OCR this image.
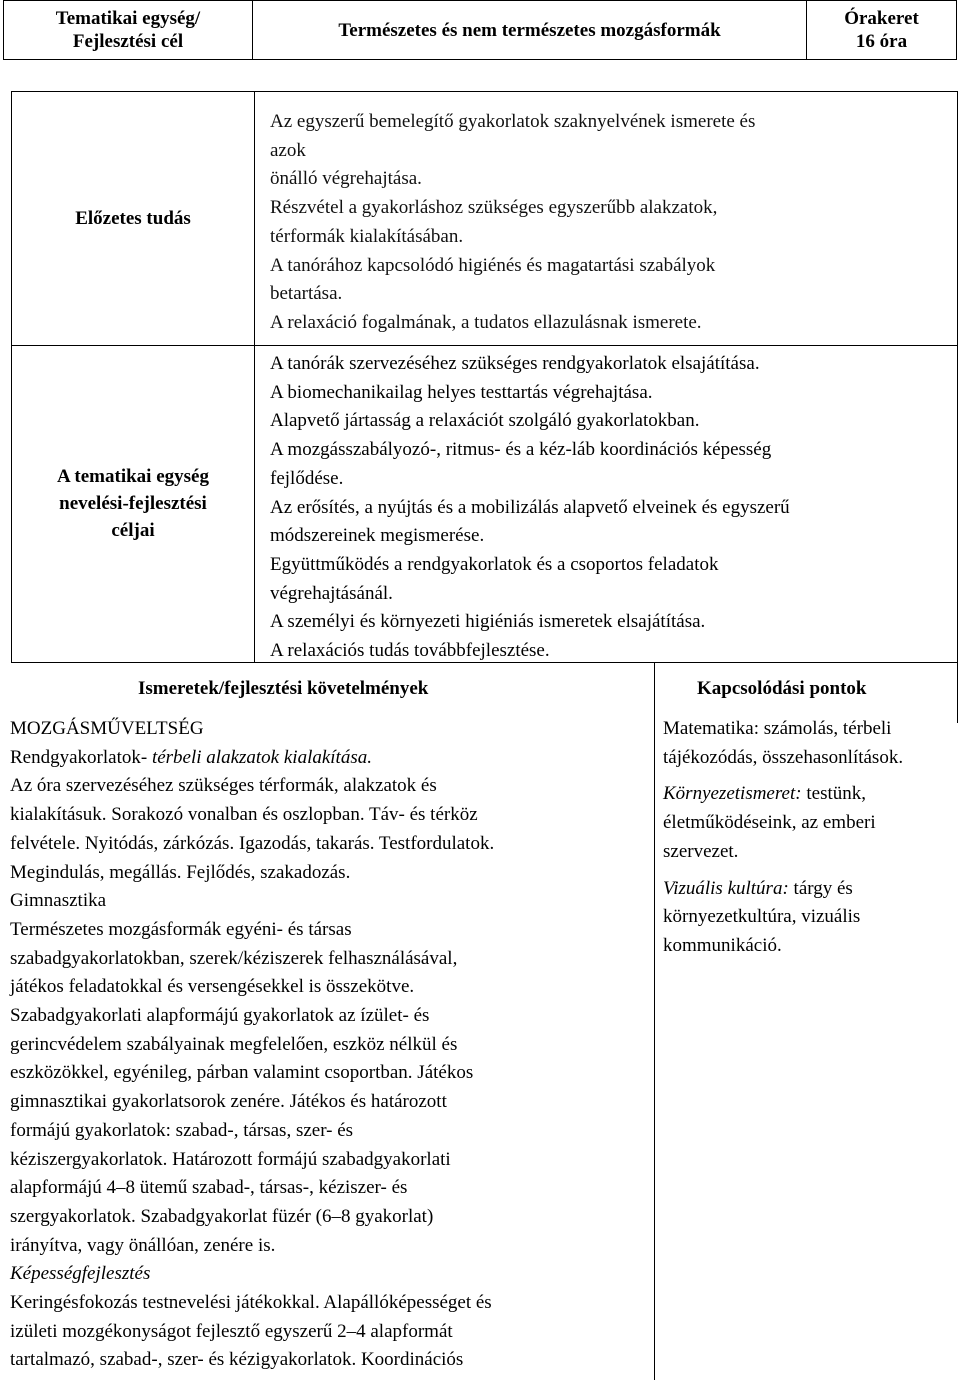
Tematikai egység/
Fejlesztési cél
Természetes és nem természetes mozgásformák
Órakeret
16 óra
Előzetes tudás
A tematikai egység
nevelési-fejlesztési
céljai
Az egyszerű bemelegítő gyakorlatok szaknyelvének ismerete és
azok
önálló végrehajtása.
Részvétel a gyakorláshoz szükséges egyszerűbb alakzatok,
térformák kialakításában.
A tanórához kapcsolódó higiénés és magatartási szabályok
betartása.
A relaxáció fogalmának, a tudatos ellazulásnak ismerete.
A tanórák szervezéséhez szükséges rendgyakorlatok elsajátítása.
A biomechanikailag helyes testtartás végrehajtása.
Alapvető jártasság a relaxációt szolgáló gyakorlatokban.
A mozgásszabályozó-, ritmus- és a kéz-láb koordinációs képesség
fejlődése.
Az erősítés, a nyújtás és a mobilizálás alapvető elveinek és egyszerű
módszereinek megismerése.
Együttműködés a rendgyakorlatok és a csoportos feladatok
végrehajtásánál.
A személyi és környezeti higiéniás ismeretek elsajátítása.
A relaxációs tudás továbbfejlesztése.
Ismeretek/fejlesztési követelmények	Kapcsolódási pontok

MOZGÁSMŰVELTSÉG

Rendgyakorlatok- térbeli alakzatok kialakítása.

Az óra szervezéséhez szükséges térformák, alakzatok és

kialakításuk. Sorakozó vonalban és oszlopban. Táv- és térköz

felvétele. Nyitódás, zárkózás. Igazodás, takarás. Testfordulatok.

Megindulás, megállás. Fejlődés, szakadozás.

Gimnasztika

Természetes mozgásformák egyéni- és társas

szabadgyakorlatokban, szerek/kéziszerek felhasználásával,

játékos feladatokkal és versengésekkel is összekötve.

Szabadgyakorlati alapformájú gyakorlatok az ízület- és

gerincvédelem szabályainak megfelelően, eszköz nélkül és

eszközökkel, egyénileg, párban valamint csoportban. Játékos

gimnasztikai gyakorlatsorok zenére. Játékos és határozott

formájú gyakorlatok: szabad-, társas, szer- és

kéziszergyakorlatok. Határozott formájú szabadgyakorlati

alapformájú 4‒8 ütemű szabad-, társas-, kéziszer- és

szergyakorlatok. Szabadgyakorlat füzér (6‒8 gyakorlat)

irányítva, vagy önállóan, zenére is.

Képességfejlesztés

Keringésfokozás testnevelési játékokkal. Alapállóképességet és

izületi mozgékonyságot fejlesztő egyszerű 2‒4 alapformát

tartalmazó, szabad-, szer- és kézigyakorlatok. Koordinációs

Matematika: számolás, térbeli tájékozódás, összehasonlítások.

Környezetismeret: testünk, életműködéseink, az emberi szervezet.

Vizuális kultúra: tárgy és környezetkultúra, vizuális kommunikáció.
